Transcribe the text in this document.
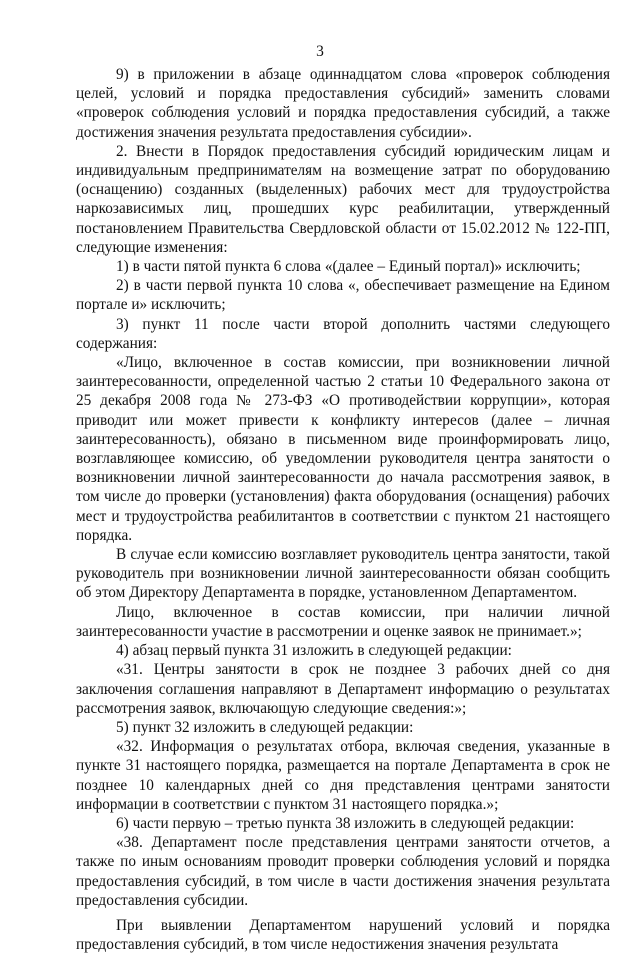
3

9) в приложении в абзаце одиннадцатом слова «проверок соблюдения целей, условий и порядка предоставления субсидий» заменить словами «проверок соблюдения условий и порядка предоставления субсидий, а также достижения значения результата предоставления субсидии».

2. Внести в Порядок предоставления субсидий юридическим лицам и индивидуальным предпринимателям на возмещение затрат по оборудованию (оснащению) созданных (выделенных) рабочих мест для трудоустройства наркозависимых лиц, прошедших курс реабилитации, утвержденный постановлением Правительства Свердловской области от 15.02.2012 № 122-ПП, следующие изменения:

1) в части пятой пункта 6 слова «(далее – Единый портал)» исключить;

2) в части первой пункта 10 слова «, обеспечивает размещение на Едином портале и» исключить;

3) пункт 11 после части второй дополнить частями следующего содержания:

«Лицо, включенное в состав комиссии, при возникновении личной заинтересованности, определенной частью 2 статьи 10 Федерального закона от 25 декабря 2008 года № 273-ФЗ «О противодействии коррупции», которая приводит или может привести к конфликту интересов (далее – личная заинтересованность), обязано в письменном виде проинформировать лицо, возглавляющее комиссию, об уведомлении руководителя центра занятости о возникновении личной заинтересованности до начала рассмотрения заявок, в том числе до проверки (установления) факта оборудования (оснащения) рабочих мест и трудоустройства реабилитантов в соответствии с пунктом 21 настоящего порядка.

В случае если комиссию возглавляет руководитель центра занятости, такой руководитель при возникновении личной заинтересованности обязан сообщить об этом Директору Департамента в порядке, установленном Департаментом.

Лицо, включенное в состав комиссии, при наличии личной заинтересованности участие в рассмотрении и оценке заявок не принимает.»;

4) абзац первый пункта 31 изложить в следующей редакции:

«31. Центры занятости в срок не позднее 3 рабочих дней со дня заключения соглашения направляют в Департамент информацию о результатах рассмотрения заявок, включающую следующие сведения:»;

5) пункт 32 изложить в следующей редакции:

«32. Информация о результатах отбора, включая сведения, указанные в пункте 31 настоящего порядка, размещается на портале Департамента в срок не позднее 10 календарных дней со дня представления центрами занятости информации в соответствии с пунктом 31 настоящего порядка.»;

6) части первую – третью пункта 38 изложить в следующей редакции:

«38. Департамент после представления центрами занятости отчетов, а также по иным основаниям проводит проверки соблюдения условий и порядка предоставления субсидий, в том числе в части достижения значения результата предоставления субсидии.

При выявлении Департаментом нарушений условий и порядка предоставления субсидий, в том числе недостижения значения результата
